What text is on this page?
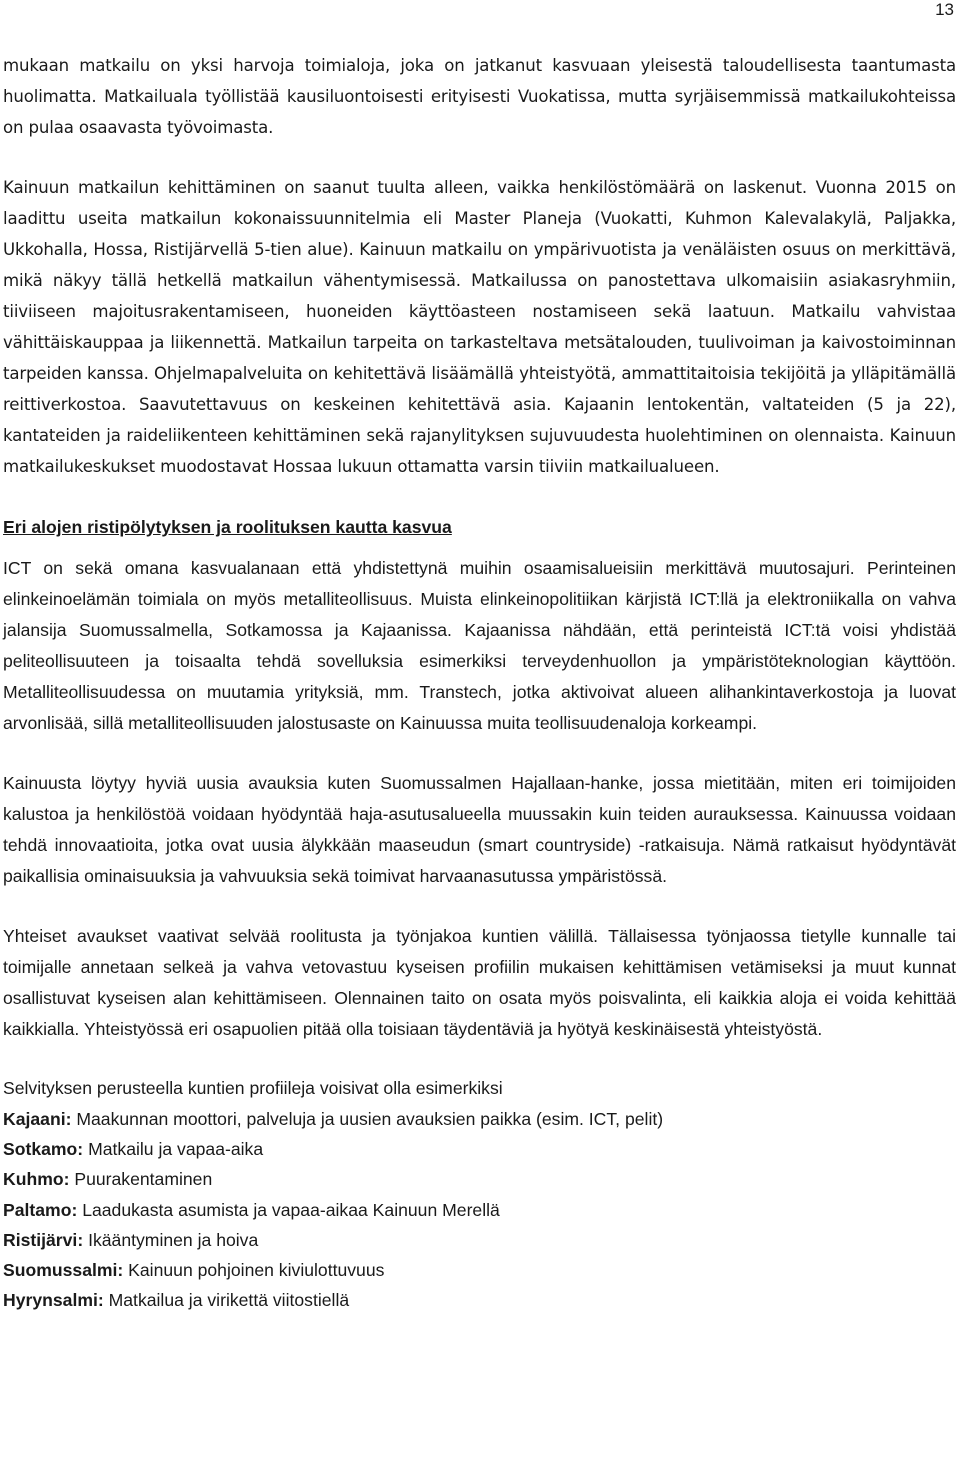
13

mukaan matkailu on yksi harvoja toimialoja, joka on jatkanut kasvuaan yleisestä taloudellisesta taantumasta huolimatta. Matkailuala työllistää kausiluontoisesti erityisesti Vuokatissa, mutta syrjäisemmissä matkailukohteissa on pulaa osaavasta työvoimasta.

Kainuun matkailun kehittäminen on saanut tuulta alleen, vaikka henkilöstömäärä on laskenut. Vuonna 2015 on laadittu useita matkailun kokonaissuunnitelmia eli Master Planeja (Vuokatti, Kuhmon Kalevalakylä, Paljakka, Ukkohalla, Hossa, Ristijärvellä 5-tien alue). Kainuun matkailu on ympärivuotista ja venäläisten osuus on merkittävä, mikä näkyy tällä hetkellä matkailun vähentymisessä. Matkailussa on panostettava ulkomaisiin asiakasryhmiin, tiiviiseen majoitusrakentamiseen, huoneiden käyttöasteen nostamiseen sekä laatuun. Matkailu vahvistaa vähittäiskauppaa ja liikennettä. Matkailun tarpeita on tarkasteltava metsätalouden, tuulivoiman ja kaivostoiminnan tarpeiden kanssa. Ohjelmapalveluita on kehitettävä lisäämällä yhteistyötä, ammattitaitoisia tekijöitä ja ylläpitämällä reittiverkostoa. Saavutettavuus on keskeinen kehitettävä asia. Kajaanin lentokentän, valtateiden (5 ja 22), kantateiden ja raideliikenteen kehittäminen sekä rajanylityksen sujuvuudesta huolehtiminen on olennaista. Kainuun matkailukeskukset muodostavat Hossaa lukuun ottamatta varsin tiiviin matkailualueen.

Eri alojen ristipölytyksen ja roolituksen kautta kasvua

ICT on sekä omana kasvualanaan että yhdistettynä muihin osaamisalueisiin merkittävä muutosajuri. Perinteinen elinkeinoelämän toimiala on myös metalliteollisuus. Muista elinkeinopolitiikan kärjistä ICT:llä ja elektroniikalla on vahva jalansija Suomussalmella, Sotkamossa ja Kajaanissa. Kajaanissa nähdään, että perinteistä ICT:tä voisi yhdistää peliteollisuuteen ja toisaalta tehdä sovelluksia esimerkiksi terveydenhuollon ja ympäristöteknologian käyttöön. Metalliteollisuudessa on muutamia yrityksiä, mm. Transtech, jotka aktivoivat alueen alihankintaverkostoja ja luovat arvonlisää, sillä metalliteollisuuden jalostusaste on Kainuussa muita teollisuudenaloja korkeampi.

Kainuusta löytyy hyviä uusia avauksia kuten Suomussalmen Hajallaan-hanke, jossa mietitään, miten eri toimijoiden kalustoa ja henkilöstöä voidaan hyödyntää haja-asutusalueella muussakin kuin teiden aurauksessa. Kainuussa voidaan tehdä innovaatioita, jotka ovat uusia älykkään maaseudun (smart countryside) -ratkaisuja. Nämä ratkaisut hyödyntävät paikallisia ominaisuuksia ja vahvuuksia sekä toimivat harvaanasutussa ympäristössä.

Yhteiset avaukset vaativat selvää roolitusta ja työnjakoa kuntien välillä. Tällaisessa työnjaossa tietylle kunnalle tai toimijalle annetaan selkeä ja vahva vetovastuu kyseisen profiilin mukaisen kehittämisen vetämiseksi ja muut kunnat osallistuvat kyseisen alan kehittämiseen. Olennainen taito on osata myös poisvalinta, eli kaikkia aloja ei voida kehittää kaikkialla. Yhteistyössä eri osapuolien pitää olla toisiaan täydentäviä ja hyötyä keskinäisestä yhteistyöstä.

Selvityksen perusteella kuntien profiileja voisivat olla esimerkiksi

Kajaani: Maakunnan moottori, palveluja ja uusien avauksien paikka (esim. ICT, pelit)
Sotkamo: Matkailu ja vapaa-aika
Kuhmo: Puurakentaminen
Paltamo: Laadukasta asumista ja vapaa-aikaa Kainuun Merellä
Ristijärvi: Ikääntyminen ja hoiva
Suomussalmi: Kainuun pohjoinen kiviulottuvuus
Hyrynsalmi: Matkailua ja virikettä viitostiellä
